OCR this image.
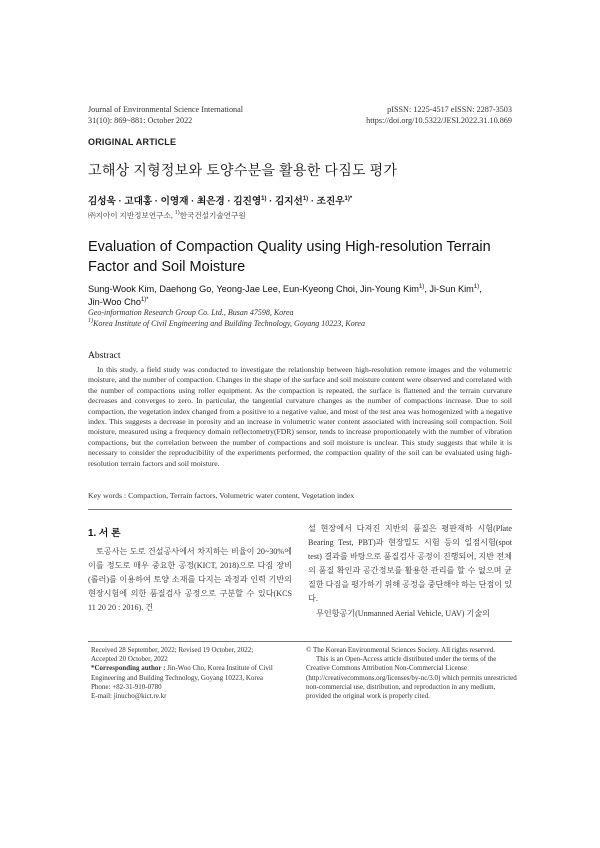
Journal of Environmental Science International
31(10): 869~881: October 2022
pISSN: 1225-4517 eISSN: 2287-3503
https://doi.org/10.5322/JESI.2022.31.10.869
ORIGINAL ARTICLE
고해상 지형정보와 토양수분을 활용한 다짐도 평가
김성욱 · 고대홍 · 이영재 · 최은경 · 김진영$^{1)}$ · 김지선$^{1)}$ · 조진우$^{1)*}$
㈜지아이 지반정보연구소, $^{1)}$한국건설기술연구원
Evaluation of Compaction Quality using High-resolution Terrain Factor and Soil Moisture
Sung-Wook Kim, Daehong Go, Yeong-Jae Lee, Eun-Kyeong Choi, Jin-Young Kim$^{1)}$, Ji-Sun Kim$^{1)}$,
Jin-Woo Cho$^{1)*}$
Geo-information Research Group Co. Ltd., Busan 47598, Korea
$^{1)}$Korea Institute of Civil Engineering and Building Technology, Goyang 10223, Korea
Abstract
In this study, a field study was conducted to investigate the relationship between high-resolution remote images and the volumetric moisture, and the number of compaction. Changes in the shape of the surface and soil moisture content were observed and correlated with the number of compactions using roller equipment. As the compaction is repeated, the surface is flattened and the terrain curvature decreases and converges to zero. In particular, the tangential curvature changes as the number of compactions increase. Due to soil compaction, the vegetation index changed from a positive to a negative value, and most of the test area was homogenized with a negative index. This suggests a decrease in porosity and an increase in volumetric water content associated with increasing soil compaction. Soil moisture, measured using a frequency domain reflectometry(FDR) sensor, tends to increase proportionately with the number of vibration compactions, but the correlation between the number of compactions and soil moisture is unclear. This study suggests that while it is necessary to consider the reproducibility of the experiments performed, the compaction quality of the soil can be evaluated using high-resolution terrain factors and soil moisture.
Key words : Compaction, Terrain factors, Volumetric water content, Vegetation index
1. 서 론
토공사는 도로 건설공사에서 차지하는 비율이 20~30%에 이를 정도로 매우 중요한 공정(KICT, 2018)으로 다짐 장비(롤러)를 이용하여 토양 소재를 다지는 과정과 인력 기반의 현장시험에 의한 품질검사 공정으로 구분할 수 있다(KCS 11 20 20 : 2016). 건

설 현장에서 다져진 지반의 품질은 평판재하 시험(Plate Bearing Test, PBT)과 현장밀도 시험 등의 일점시험(spot test) 결과를 바탕으로 품질검사 공정이 진행되어, 지반 전체의 품질 확인과 공간정보를 활용한 관리를 할 수 없으며 균질한 다짐을 평가하기 위해 공정을 중단해야 하는 단점이 있다.

무인항공기(Unmanned Aerial Vehicle, UAV) 기술의

Received 28 September, 2022; Revised 19 October, 2022;
Accepted 20 October, 2022
*Corresponding author : Jin-Woo Cho, Korea Institute of Civil Engineering and Building Technology, Goyang 10223, Korea
Phone: +82-31-910-0780
E-mail: jinucho@kict.re.kr
© The Korean Environmental Sciences Society. All rights reserved.
This is an Open-Access article distributed under the terms of the
Creative Commons Attribution Non-Commercial License (http://creativecommons.org/licenses/by-nc/3.0) which permits unrestricted non-commercial use, distribution, and reproduction in any medium, provided the original work is properly cited.
